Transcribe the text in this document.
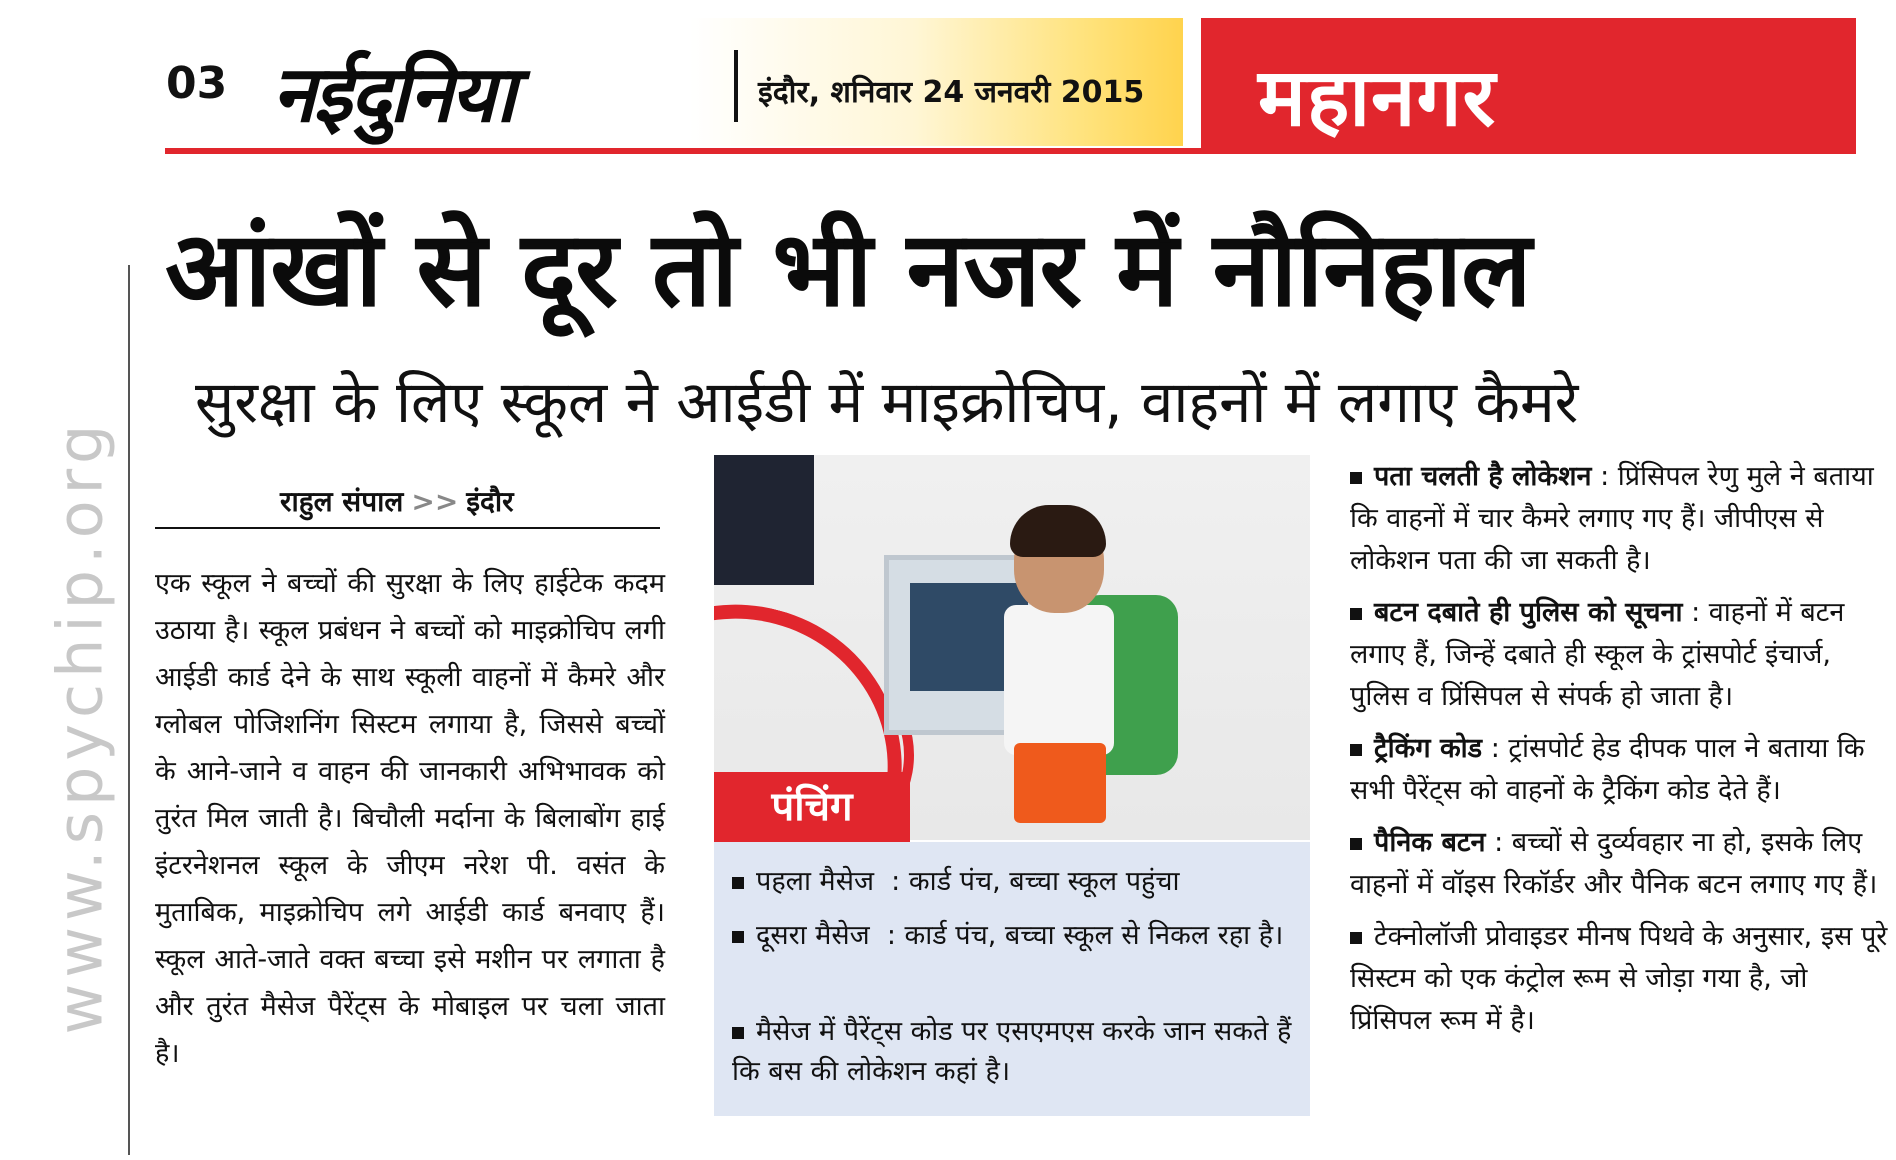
www.spychip.org
03 नईदुनिया	इंदौर, शनिवार 24 जनवरी 2015 महानगर
आंखों से दूर तो भी नजर में नौनिहाल
सुरक्षा के लिए स्कूल ने आईडी में माइक्रोचिप, वाहनों में लगाए कैमरे
राहुल संपाल >> इंदौर
एक स्कूल ने बच्चों की सुरक्षा के लिए हाईटेक कदम उठाया है। स्कूल प्रबंधन ने बच्चों को माइक्रोचिप लगी आईडी कार्ड देने के साथ स्कूली वाहनों में कैमरे और ग्लोबल पोजिशनिंग सिस्टम लगाया है, जिससे बच्चों के आने-जाने व वाहन की जानकारी अभिभावक को तुरंत मिल जाती है। बिचौली मर्दाना के बिलाबोंग हाई इंटरनेशनल स्कूल के जीएम नरेश पी. वसंत के मुताबिक, माइक्रोचिप लगे आईडी कार्ड बनवाए हैं। स्कूल आते-जाते वक्त बच्चा इसे मशीन पर लगाता है और तुरंत मैसेज पैरेंट्स के मोबाइल पर चला जाता है।
पंचिंग
पहला मैसेज : कार्ड पंच, बच्चा स्कूल पहुंचा
दूसरा मैसेज : कार्ड पंच, बच्चा स्कूल से निकल रहा है।
मैसेज में पैरेंट्स कोड पर एसएमएस करके जान सकते हैं कि बस की लोकेशन कहां है।

पता चलती है लोकेशन : प्रिंसिपल रेणु मुले ने बताया कि वाहनों में चार कैमरे लगाए गए हैं। जीपीएस से लोकेशन पता की जा सकती है।

बटन दबाते ही पुलिस को सूचना : वाहनों में बटन लगाए हैं, जिन्हें दबाते ही स्कूल के ट्रांसपोर्ट इंचार्ज, पुलिस व प्रिंसिपल से संपर्क हो जाता है।

ट्रैकिंग कोड : ट्रांसपोर्ट हेड दीपक पाल ने बताया कि सभी पैरेंट्स को वाहनों के ट्रैकिंग कोड देते हैं।

पैनिक बटन : बच्चों से दुर्व्यवहार ना हो, इसके लिए वाहनों में वॉइस रिकॉर्डर और पैनिक बटन लगाए गए हैं।

टेक्नोलॉजी प्रोवाइडर मीनष पिथवे के अनुसार, इस पूरे सिस्टम को एक कंट्रोल रूम से जोड़ा गया है, जो प्रिंसिपल रूम में है।
